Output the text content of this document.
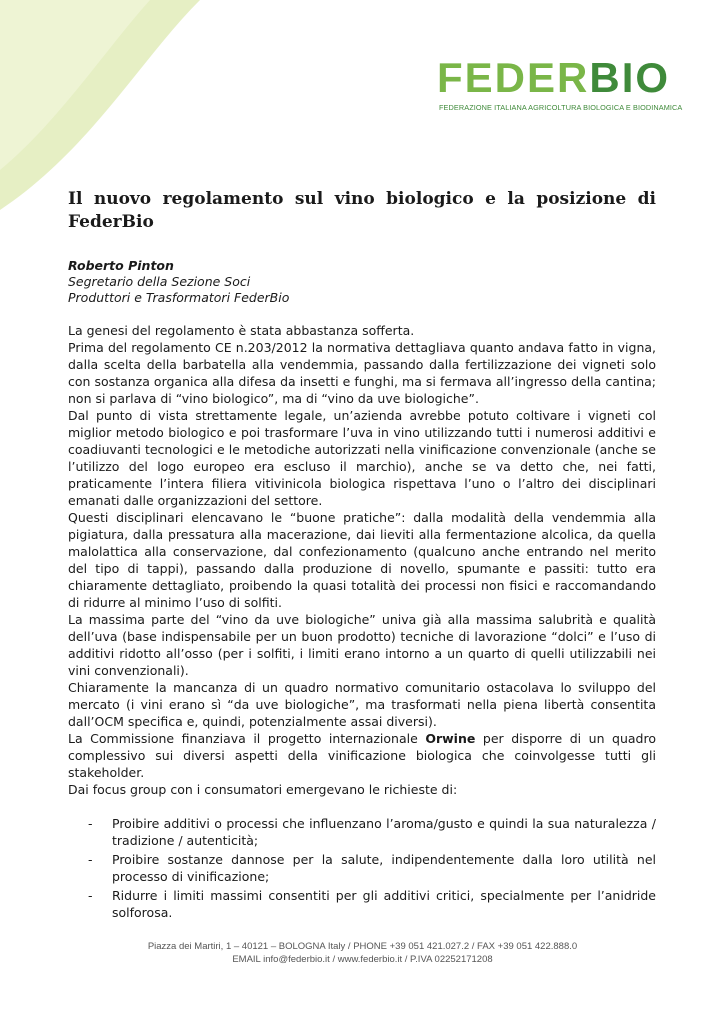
FEDERBIO
FEDERAZIONE ITALIANA AGRICOLTURA BIOLOGICA E BIODINAMICA
Il nuovo regolamento sul vino biologico e la posizione di FederBio
Roberto Pinton
Segretario della Sezione Soci
Produttori e Trasformatori FederBio

La genesi del regolamento è stata abbastanza sofferta.

Prima del regolamento CE n.203/2012 la normativa dettagliava quanto andava fatto in vigna, dalla scelta della barbatella alla vendemmia, passando dalla fertilizzazione dei vigneti solo con sostanza organica alla difesa da insetti e funghi, ma si fermava all’ingresso della cantina; non si parlava di “vino biologico”, ma di “vino da uve biologiche”.

Dal punto di vista strettamente legale, un’azienda avrebbe potuto coltivare i vigneti col miglior metodo biologico e poi trasformare l’uva in vino utilizzando tutti i numerosi additivi e coadiuvanti tecnologici e le metodiche autorizzati nella vinificazione convenzionale (anche se l’utilizzo del logo europeo era escluso il marchio), anche se va detto che, nei fatti, praticamente l’intera filiera vitivinicola biologica rispettava l’uno o l’altro dei disciplinari emanati dalle organizzazioni del settore.

Questi disciplinari elencavano le “buone pratiche”: dalla modalità della vendemmia alla pigiatura, dalla pressatura alla macerazione, dai lieviti alla fermentazione alcolica, da quella malolattica alla conservazione, dal confezionamento (qualcuno anche entrando nel merito del tipo di tappi), passando dalla produzione di novello, spumante e passiti: tutto era chiaramente dettagliato, proibendo la quasi totalità dei processi non fisici e raccomandando di ridurre al minimo l’uso di solfiti.

La massima parte del “vino da uve biologiche” univa già alla massima salubrità e qualità dell’uva (base indispensabile per un buon prodotto) tecniche di lavorazione “dolci” e l’uso di additivi ridotto all’osso (per i solfiti, i limiti erano intorno a un quarto di quelli utilizzabili nei vini convenzionali).

Chiaramente la mancanza di un quadro normativo comunitario ostacolava lo sviluppo del mercato (i vini erano sì “da uve biologiche”, ma trasformati nella piena libertà consentita dall’OCM specifica e, quindi, potenzialmente assai diversi).

La Commissione finanziava il progetto internazionale Orwine per disporre di un quadro complessivo sui diversi aspetti della vinificazione biologica che coinvolgesse tutti gli stakeholder.

Dai focus group con i consumatori emergevano le richieste di:

- Proibire additivi o processi che influenzano l’aroma/gusto e quindi la sua naturalezza / tradizione / autenticità;
- Proibire sostanze dannose per la salute, indipendentemente dalla loro utilità nel processo di vinificazione;
- Ridurre i limiti massimi consentiti per gli additivi critici, specialmente per l’anidride solforosa.
Piazza dei Martiri, 1 – 40121 – BOLOGNA Italy / PHONE +39 051 421.027.2 / FAX +39 051 422.888.0
EMAIL info@federbio.it / www.federbio.it / P.IVA 02252171208
